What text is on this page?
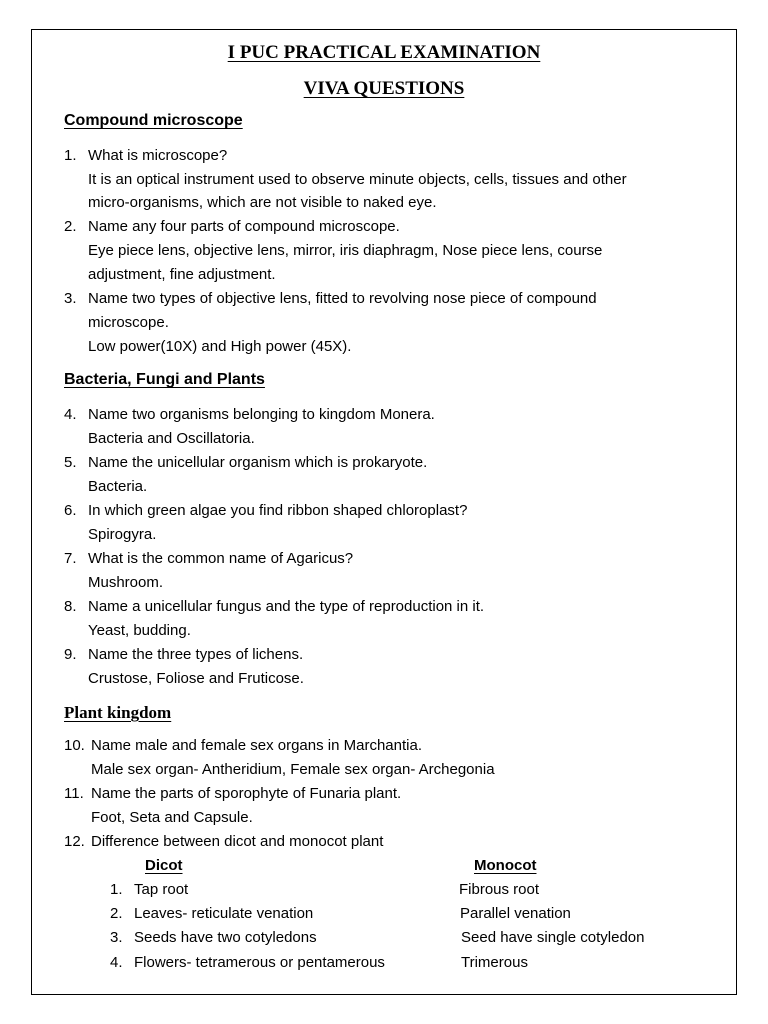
I PUC PRACTICAL EXAMINATION
VIVA QUESTIONS
Compound microscope
1. What is microscope?
It is an optical instrument used to observe minute objects, cells, tissues and other
micro-organisms, which are not visible to naked eye.
2. Name any four parts of compound microscope.
Eye piece lens, objective lens, mirror, iris diaphragm, Nose piece lens, course
adjustment, fine adjustment.
3. Name two types of objective lens, fitted to revolving nose piece of compound
microscope.
Low power(10X) and High power (45X).
Bacteria, Fungi and Plants
4. Name two organisms belonging to kingdom Monera.
Bacteria and Oscillatoria.
5. Name the unicellular organism which is prokaryote.
Bacteria.
6. In which green algae you find ribbon shaped chloroplast?
Spirogyra.
7. What is the common name of Agaricus?
Mushroom.
8. Name a unicellular fungus and the type of reproduction in it.
Yeast, budding.
9. Name the three types of lichens.
Crustose, Foliose and Fruticose.
Plant kingdom
10. Name male and female sex organs in Marchantia.
Male sex organ- Antheridium, Female sex organ- Archegonia
11. Name the parts of sporophyte of Funaria plant.
Foot, Seta and Capsule.
12. Difference between dicot and monocot plant
Dicot	Monocot
1. Tap root	Fibrous root
2. Leaves- reticulate venation	Parallel venation
3. Seeds have two cotyledons	Seed have single cotyledon
4. Flowers- tetramerous or pentamerous	Trimerous
